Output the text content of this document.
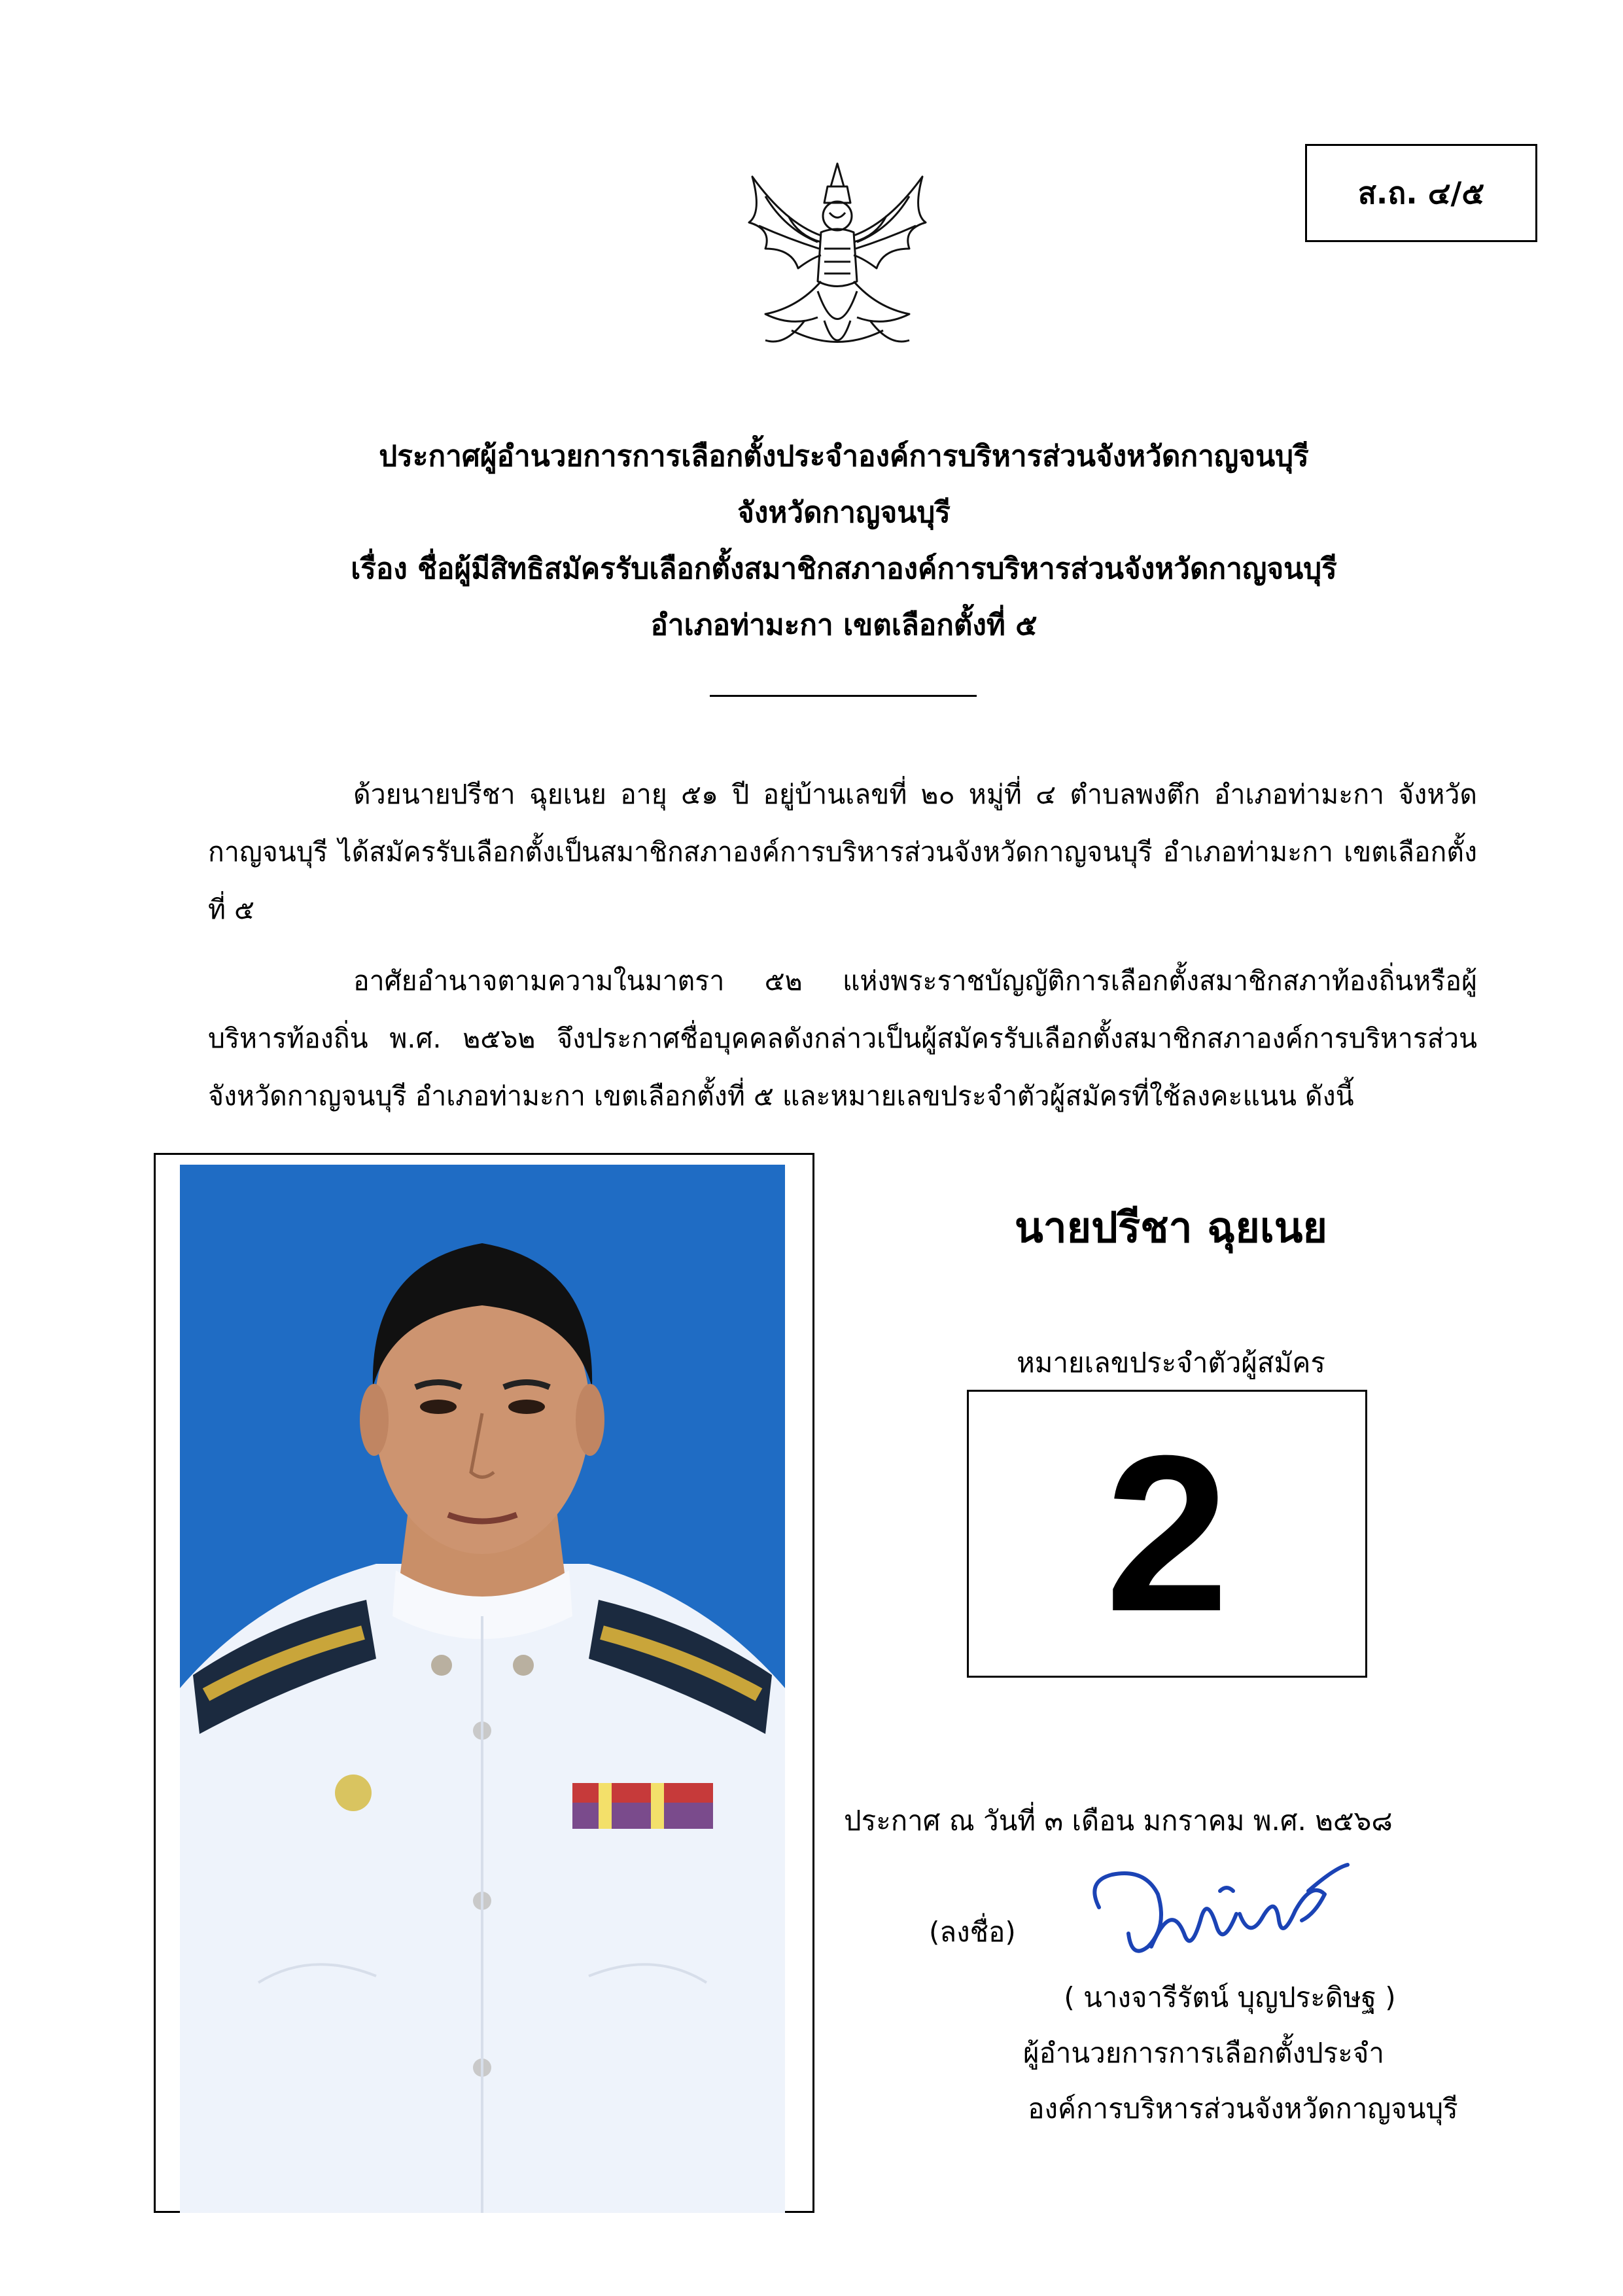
ส.ถ. ๔/๕
ประกาศผู้อำนวยการการเลือกตั้งประจำองค์การบริหารส่วนจังหวัดกาญจนบุรี
จังหวัดกาญจนบุรี
เรื่อง ชื่อผู้มีสิทธิสมัครรับเลือกตั้งสมาชิกสภาองค์การบริหารส่วนจังหวัดกาญจนบุรี
อำเภอท่ามะกา เขตเลือกตั้งที่ ๕
ด้วยนายปรีชา ฉุยเนย อายุ ๕๑ ปี อยู่บ้านเลขที่ ๒๐ หมู่ที่ ๔ ตำบลพงตึก อำเภอท่ามะกา จังหวัดกาญจนบุรี ได้สมัครรับเลือกตั้งเป็นสมาชิกสภาองค์การบริหารส่วนจังหวัดกาญจนบุรี อำเภอท่ามะกา เขตเลือกตั้งที่ ๕
อาศัยอำนาจตามความในมาตรา ๕๒ แห่งพระราชบัญญัติการเลือกตั้งสมาชิกสภาท้องถิ่นหรือผู้บริหารท้องถิ่น พ.ศ. ๒๕๖๒ จึงประกาศชื่อบุคคลดังกล่าวเป็นผู้สมัครรับเลือกตั้งสมาชิกสภาองค์การบริหารส่วนจังหวัดกาญจนบุรี อำเภอท่ามะกา เขตเลือกตั้งที่ ๕ และหมายเลขประจำตัวผู้สมัครที่ใช้ลงคะแนน ดังนี้
นายปรีชา ฉุยเนย
หมายเลขประจำตัวผู้สมัคร
2
ประกาศ ณ วันที่ ๓ เดือน มกราคม พ.ศ. ๒๕๖๘
(ลงชื่อ)
( นางจารีรัตน์ บุญประดิษฐ )
ผู้อำนวยการการเลือกตั้งประจำ
องค์การบริหารส่วนจังหวัดกาญจนบุรี
